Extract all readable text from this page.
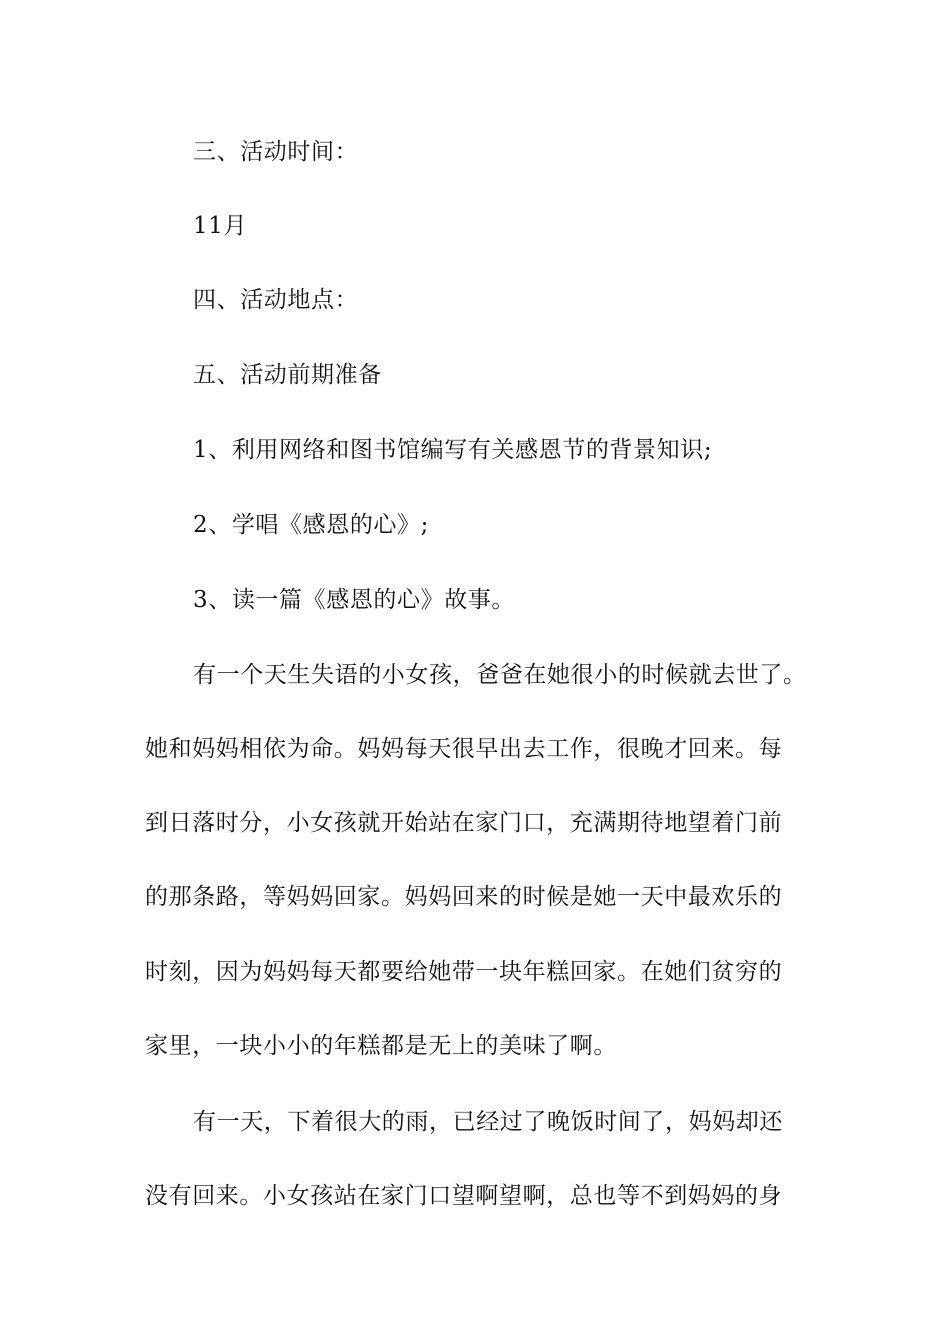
三、活动时间：
11月
四、活动地点：
五、活动前期准备
1、利用网络和图书馆编写有关感恩节的背景知识;
2、学唱《感恩的心》;
3、读一篇《感恩的心》故事。
有一个天生失语的小女孩，爸爸在她很小的时候就去世了。
她和妈妈相依为命。妈妈每天很早出去工作，很晚才回来。每
到日落时分，小女孩就开始站在家门口，充满期待地望着门前
的那条路，等妈妈回家。妈妈回来的时候是她一天中最欢乐的
时刻，因为妈妈每天都要给她带一块年糕回家。在她们贫穷的
家里，一块小小的年糕都是无上的美味了啊。
有一天，下着很大的雨，已经过了晚饭时间了，妈妈却还
没有回来。小女孩站在家门口望啊望啊，总也等不到妈妈的身
